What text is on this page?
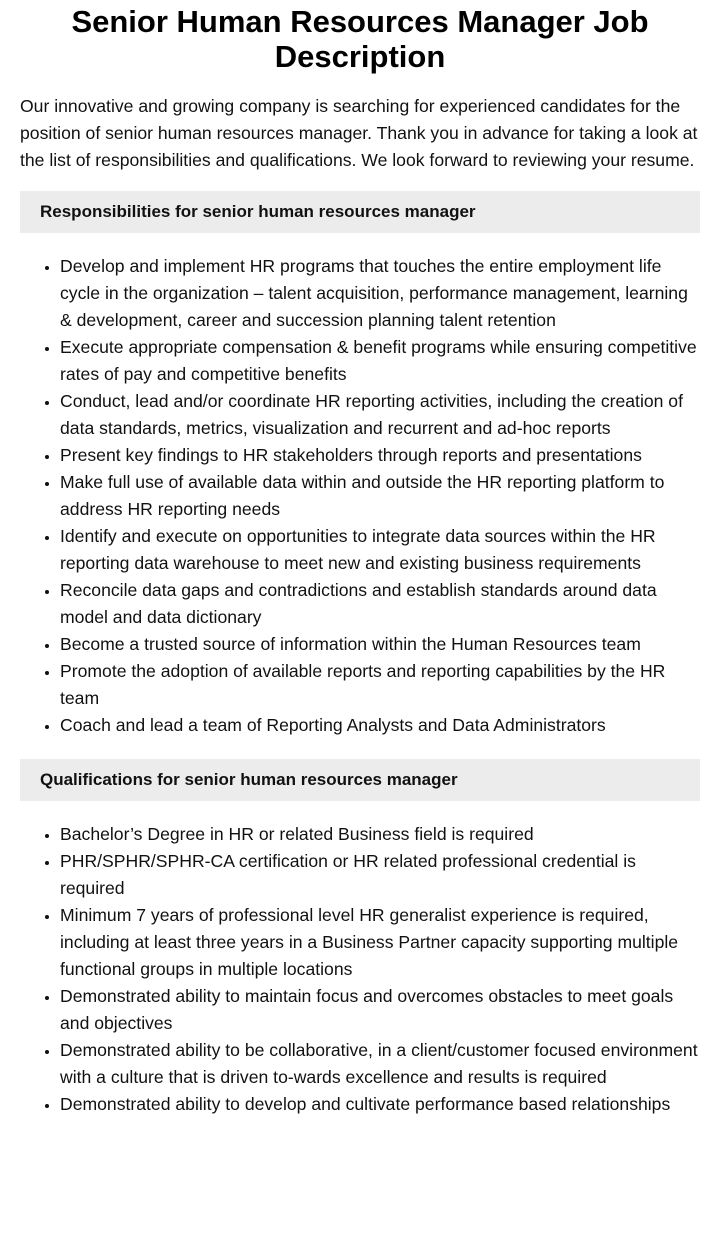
Senior Human Resources Manager Job Description

Our innovative and growing company is searching for experienced candidates for the position of senior human resources manager. Thank you in advance for taking a look at the list of responsibilities and qualifications. We look forward to reviewing your resume.

Responsibilities for senior human resources manager
• Develop and implement HR programs that touches the entire employment life cycle in the organization – talent acquisition, performance management, learning & development, career and succession planning talent retention
• Execute appropriate compensation & benefit programs while ensuring competitive rates of pay and competitive benefits
• Conduct, lead and/or coordinate HR reporting activities, including the creation of data standards, metrics, visualization and recurrent and ad-hoc reports
• Present key findings to HR stakeholders through reports and presentations
• Make full use of available data within and outside the HR reporting platform to address HR reporting needs
• Identify and execute on opportunities to integrate data sources within the HR reporting data warehouse to meet new and existing business requirements
• Reconcile data gaps and contradictions and establish standards around data model and data dictionary
• Become a trusted source of information within the Human Resources team
• Promote the adoption of available reports and reporting capabilities by the HR team
• Coach and lead a team of Reporting Analysts and Data Administrators
Qualifications for senior human resources manager
• Bachelor’s Degree in HR or related Business field is required
• PHR/SPHR/SPHR-CA certification or HR related professional credential is required
• Minimum 7 years of professional level HR generalist experience is required, including at least three years in a Business Partner capacity supporting multiple functional groups in multiple locations
• Demonstrated ability to maintain focus and overcomes obstacles to meet goals and objectives
• Demonstrated ability to be collaborative, in a client/customer focused environment with a culture that is driven to-wards excellence and results is required
• Demonstrated ability to develop and cultivate performance based relationships
